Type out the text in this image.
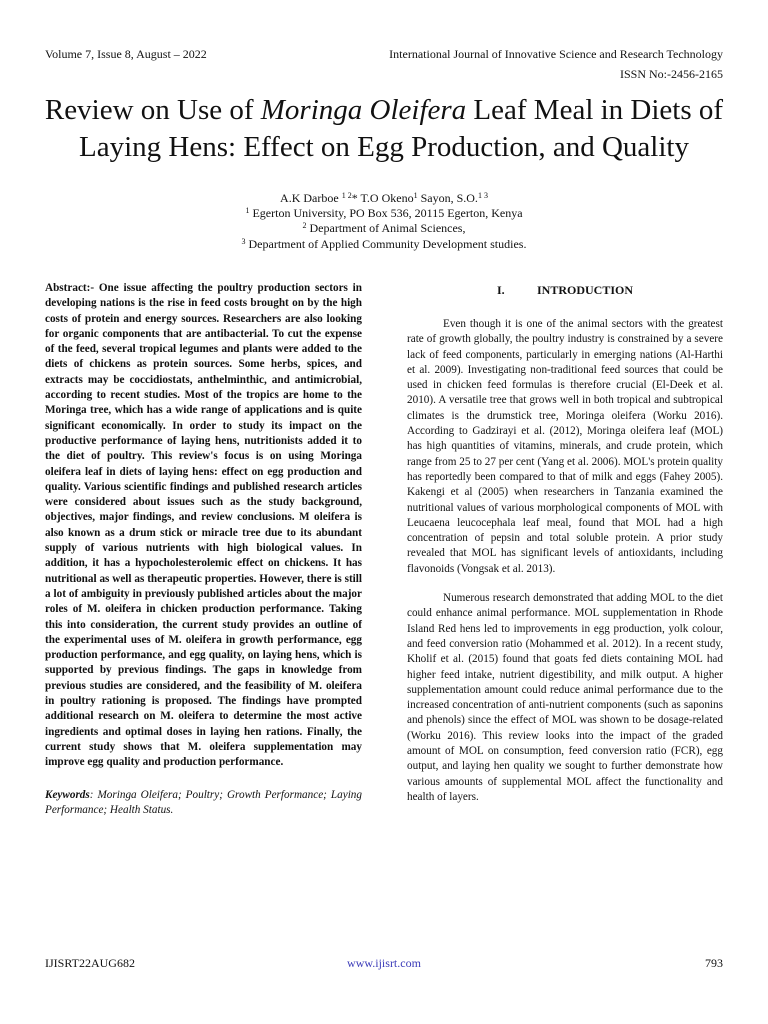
Volume 7, Issue 8, August – 2022	International Journal of Innovative Science and Research Technology
ISSN No:-2456-2165
Review on Use of Moringa Oleifera Leaf Meal in Diets of Laying Hens: Effect on Egg Production, and Quality
A.K Darboe $^{1 2}$* T.O Okeno$^1$ Sayon, S.O.$^{1 3}$
$^1$ Egerton University, PO Box 536, 20115 Egerton, Kenya
$^2$ Department of Animal Sciences,
$^3$ Department of Applied Community Development studies.

Abstract:- One issue affecting the poultry production sectors in developing nations is the rise in feed costs brought on by the high costs of protein and energy sources. Researchers are also looking for organic components that are antibacterial. To cut the expense of the feed, several tropical legumes and plants were added to the diets of chickens as protein sources. Some herbs, spices, and extracts may be coccidiostats, anthelminthic, and antimicrobial, according to recent studies. Most of the tropics are home to the Moringa tree, which has a wide range of applications and is quite significant economically. In order to study its impact on the productive performance of laying hens, nutritionists added it to the diet of poultry. This review's focus is on using Moringa oleifera leaf in diets of laying hens: effect on egg production and quality. Various scientific findings and published research articles were considered about issues such as the study background, objectives, major findings, and review conclusions. M oleifera is also known as a drum stick or miracle tree due to its abundant supply of various nutrients with high biological values. In addition, it has a hypocholesterolemic effect on chickens. It has nutritional as well as therapeutic properties. However, there is still a lot of ambiguity in previously published articles about the major roles of M. oleifera in chicken production performance. Taking this into consideration, the current study provides an outline of the experimental uses of M. oleifera in growth performance, egg production performance, and egg quality, on laying hens, which is supported by previous findings. The gaps in knowledge from previous studies are considered, and the feasibility of M. oleifera in poultry rationing is proposed. The findings have prompted additional research on M. oleifera to determine the most active ingredients and optimal doses in laying hen rations. Finally, the current study shows that M. oleifera supplementation may improve egg quality and production performance.

Keywords: Moringa Oleifera; Poultry; Growth Performance; Laying Performance; Health Status.

I.	INTRODUCTION

Even though it is one of the animal sectors with the greatest rate of growth globally, the poultry industry is constrained by a severe lack of feed components, particularly in emerging nations (Al-Harthi et al. 2009). Investigating non-traditional feed sources that could be used in chicken feed formulas is therefore crucial (El-Deek et al. 2010). A versatile tree that grows well in both tropical and subtropical climates is the drumstick tree, Moringa oleifera (Worku 2016). According to Gadzirayi et al. (2012), Moringa oleifera leaf (MOL) has high quantities of vitamins, minerals, and crude protein, which range from 25 to 27 per cent (Yang et al. 2006). MOL's protein quality has reportedly been compared to that of milk and eggs (Fahey 2005). Kakengi et al (2005) when researchers in Tanzania examined the nutritional values of various morphological components of MOL with Leucaena leucocephala leaf meal, found that MOL had a high concentration of pepsin and total soluble protein. A prior study revealed that MOL has significant levels of antioxidants, including flavonoids (Vongsak et al. 2013).

Numerous research demonstrated that adding MOL to the diet could enhance animal performance. MOL supplementation in Rhode Island Red hens led to improvements in egg production, yolk colour, and feed conversion ratio (Mohammed et al. 2012). In a recent study, Kholif et al. (2015) found that goats fed diets containing MOL had higher feed intake, nutrient digestibility, and milk output. A higher supplementation amount could reduce animal performance due to the increased concentration of anti-nutrient components (such as saponins and phenols) since the effect of MOL was shown to be dosage-related (Worku 2016). This review looks into the impact of the graded amount of MOL on consumption, feed conversion ratio (FCR), egg output, and laying hen quality we sought to further demonstrate how various amounts of supplemental MOL affect the functionality and health of layers.

IJISRT22AUG682	www.ijisrt.com	793
